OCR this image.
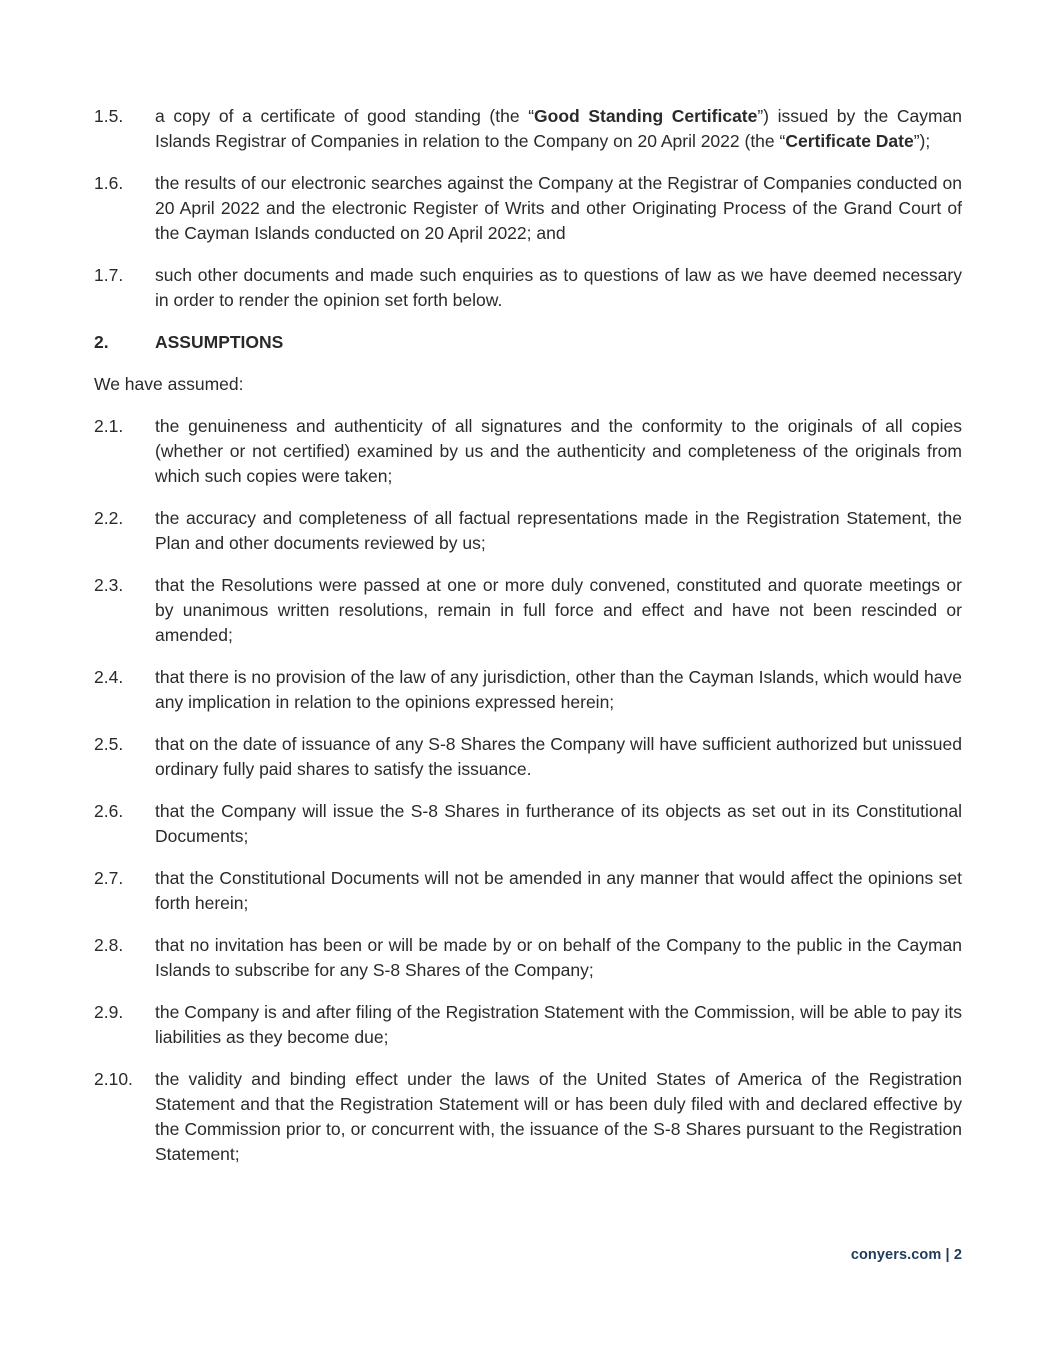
1.5.	a copy of a certificate of good standing (the “Good Standing Certificate”) issued by the Cayman Islands Registrar of Companies in relation to the Company on 20 April 2022 (the “Certificate Date”);
1.6.	the results of our electronic searches against the Company at the Registrar of Companies conducted on 20 April 2022 and the electronic Register of Writs and other Originating Process of the Grand Court of the Cayman Islands conducted on 20 April 2022; and
1.7.	such other documents and made such enquiries as to questions of law as we have deemed necessary in order to render the opinion set forth below.
2.	ASSUMPTIONS
We have assumed:
2.1.	the genuineness and authenticity of all signatures and the conformity to the originals of all copies (whether or not certified) examined by us and the authenticity and completeness of the originals from which such copies were taken;
2.2.	the accuracy and completeness of all factual representations made in the Registration Statement, the Plan and other documents reviewed by us;
2.3.	that the Resolutions were passed at one or more duly convened, constituted and quorate meetings or by unanimous written resolutions, remain in full force and effect and have not been rescinded or amended;
2.4.	that there is no provision of the law of any jurisdiction, other than the Cayman Islands, which would have any implication in relation to the opinions expressed herein;
2.5.	that on the date of issuance of any S-8 Shares the Company will have sufficient authorized but unissued ordinary fully paid shares to satisfy the issuance.
2.6.	that the Company will issue the S-8 Shares in furtherance of its objects as set out in its Constitutional Documents;
2.7.	that the Constitutional Documents will not be amended in any manner that would affect the opinions set forth herein;
2.8.	that no invitation has been or will be made by or on behalf of the Company to the public in the Cayman Islands to subscribe for any S-8 Shares of the Company;
2.9.	the Company is and after filing of the Registration Statement with the Commission, will be able to pay its liabilities as they become due;
2.10.	the validity and binding effect under the laws of the United States of America of the Registration Statement and that the Registration Statement will or has been duly filed with and declared effective by the Commission prior to, or concurrent with, the issuance of the S-8 Shares pursuant to the Registration Statement;
conyers.com | 2
